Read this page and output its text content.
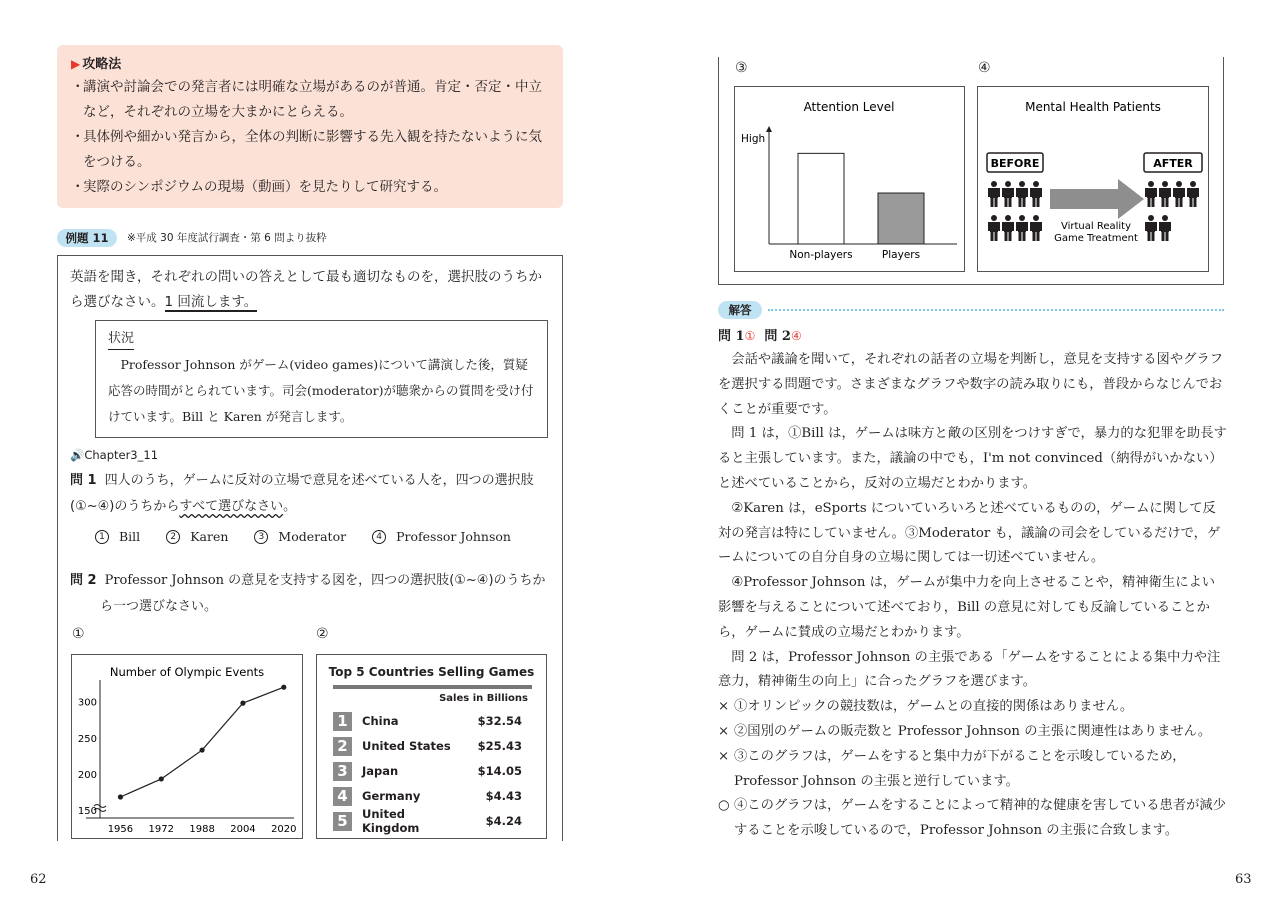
▶ 攻略法
・
講演や討論会での発言者には明確な立場があるのが普通。肯定・否定・中立など，それぞれの立場を大まかにとらえる。
・
具体例や細かい発言から，全体の判断に影響する先入観を持たないように気をつける。
・
実際のシンポジウムの現場（動画）を見たりして研究する。
例題 11	※平成 30 年度試行調査・第 6 問より抜粋
英語を聞き，それぞれの問いの答えとして最も適切なものを，選択肢のうちか
ら選びなさい。1 回流します。
状況
Professor Johnson がゲーム(video games)について講演した後，質疑応答の時間がとられています。司会(moderator)が聴衆からの質問を受け付けています。Bill と Karen が発言します。
🔊Chapter3_11
問 1 四人のうち，ゲームに反対の立場で意見を述べている人を，四つの選択肢
(①~④)のうちからすべて選びなさい。
1	Bill	2	Karen	3	Moderator	4	Professor Johnson
問 2 Professor Johnson の意見を支持する図を，四つの選択肢(①~④)のうちか
ら一つ選びなさい。
①	②
Number of Olympic Events
150
200
250
300
1956 1972 1988 2004 2020
Top 5 Countries Selling Games
Sales in Billions
1	China	$32.54
2	United States	$25.43
3	Japan	$14.05
4	Germany	$4.43
5	United Kingdom	$4.24
62
③	④
Attention Level
High
Non-players	Players
Mental Health Patients
BEFORE	AFTER
Virtual Reality
Game Treatment
解答
問 1① 問 2④

会話や議論を聞いて，それぞれの話者の立場を判断し，意見を支持する図やグラフを選択する問題です。さまざまなグラフや数字の読み取りにも，普段からなじんでおくことが重要です。

問 1 は，①Bill は，ゲームは味方と敵の区別をつけすぎで，暴力的な犯罪を助長すると主張しています。また，議論の中でも，I'm not convinced（納得がいかない）と述べていることから，反対の立場だとわかります。

②Karen は，eSports についていろいろと述べているものの，ゲームに関して反対の発言は特にしていません。③Moderator も，議論の司会をしているだけで，ゲームについての自分自身の立場に関しては一切述べていません。

④Professor Johnson は，ゲームが集中力を向上させることや，精神衛生によい影響を与えることについて述べており，Bill の意見に対しても反論していることから，ゲームに賛成の立場だとわかります。

問 2 は，Professor Johnson の主張である「ゲームをすることによる集中力や注意力，精神衛生の向上」に合ったグラフを選びます。

× ①オリンピックの競技数は，ゲームとの直接的関係はありません。

× ②国別のゲームの販売数と Professor Johnson の主張に関連性はありません。

× ③このグラフは，ゲームをすると集中力が下がることを示唆しているため，Professor Johnson の主張と逆行しています。

○ ④このグラフは，ゲームをすることによって精神的な健康を害している患者が減少することを示唆しているので，Professor Johnson の主張に合致します。

63
